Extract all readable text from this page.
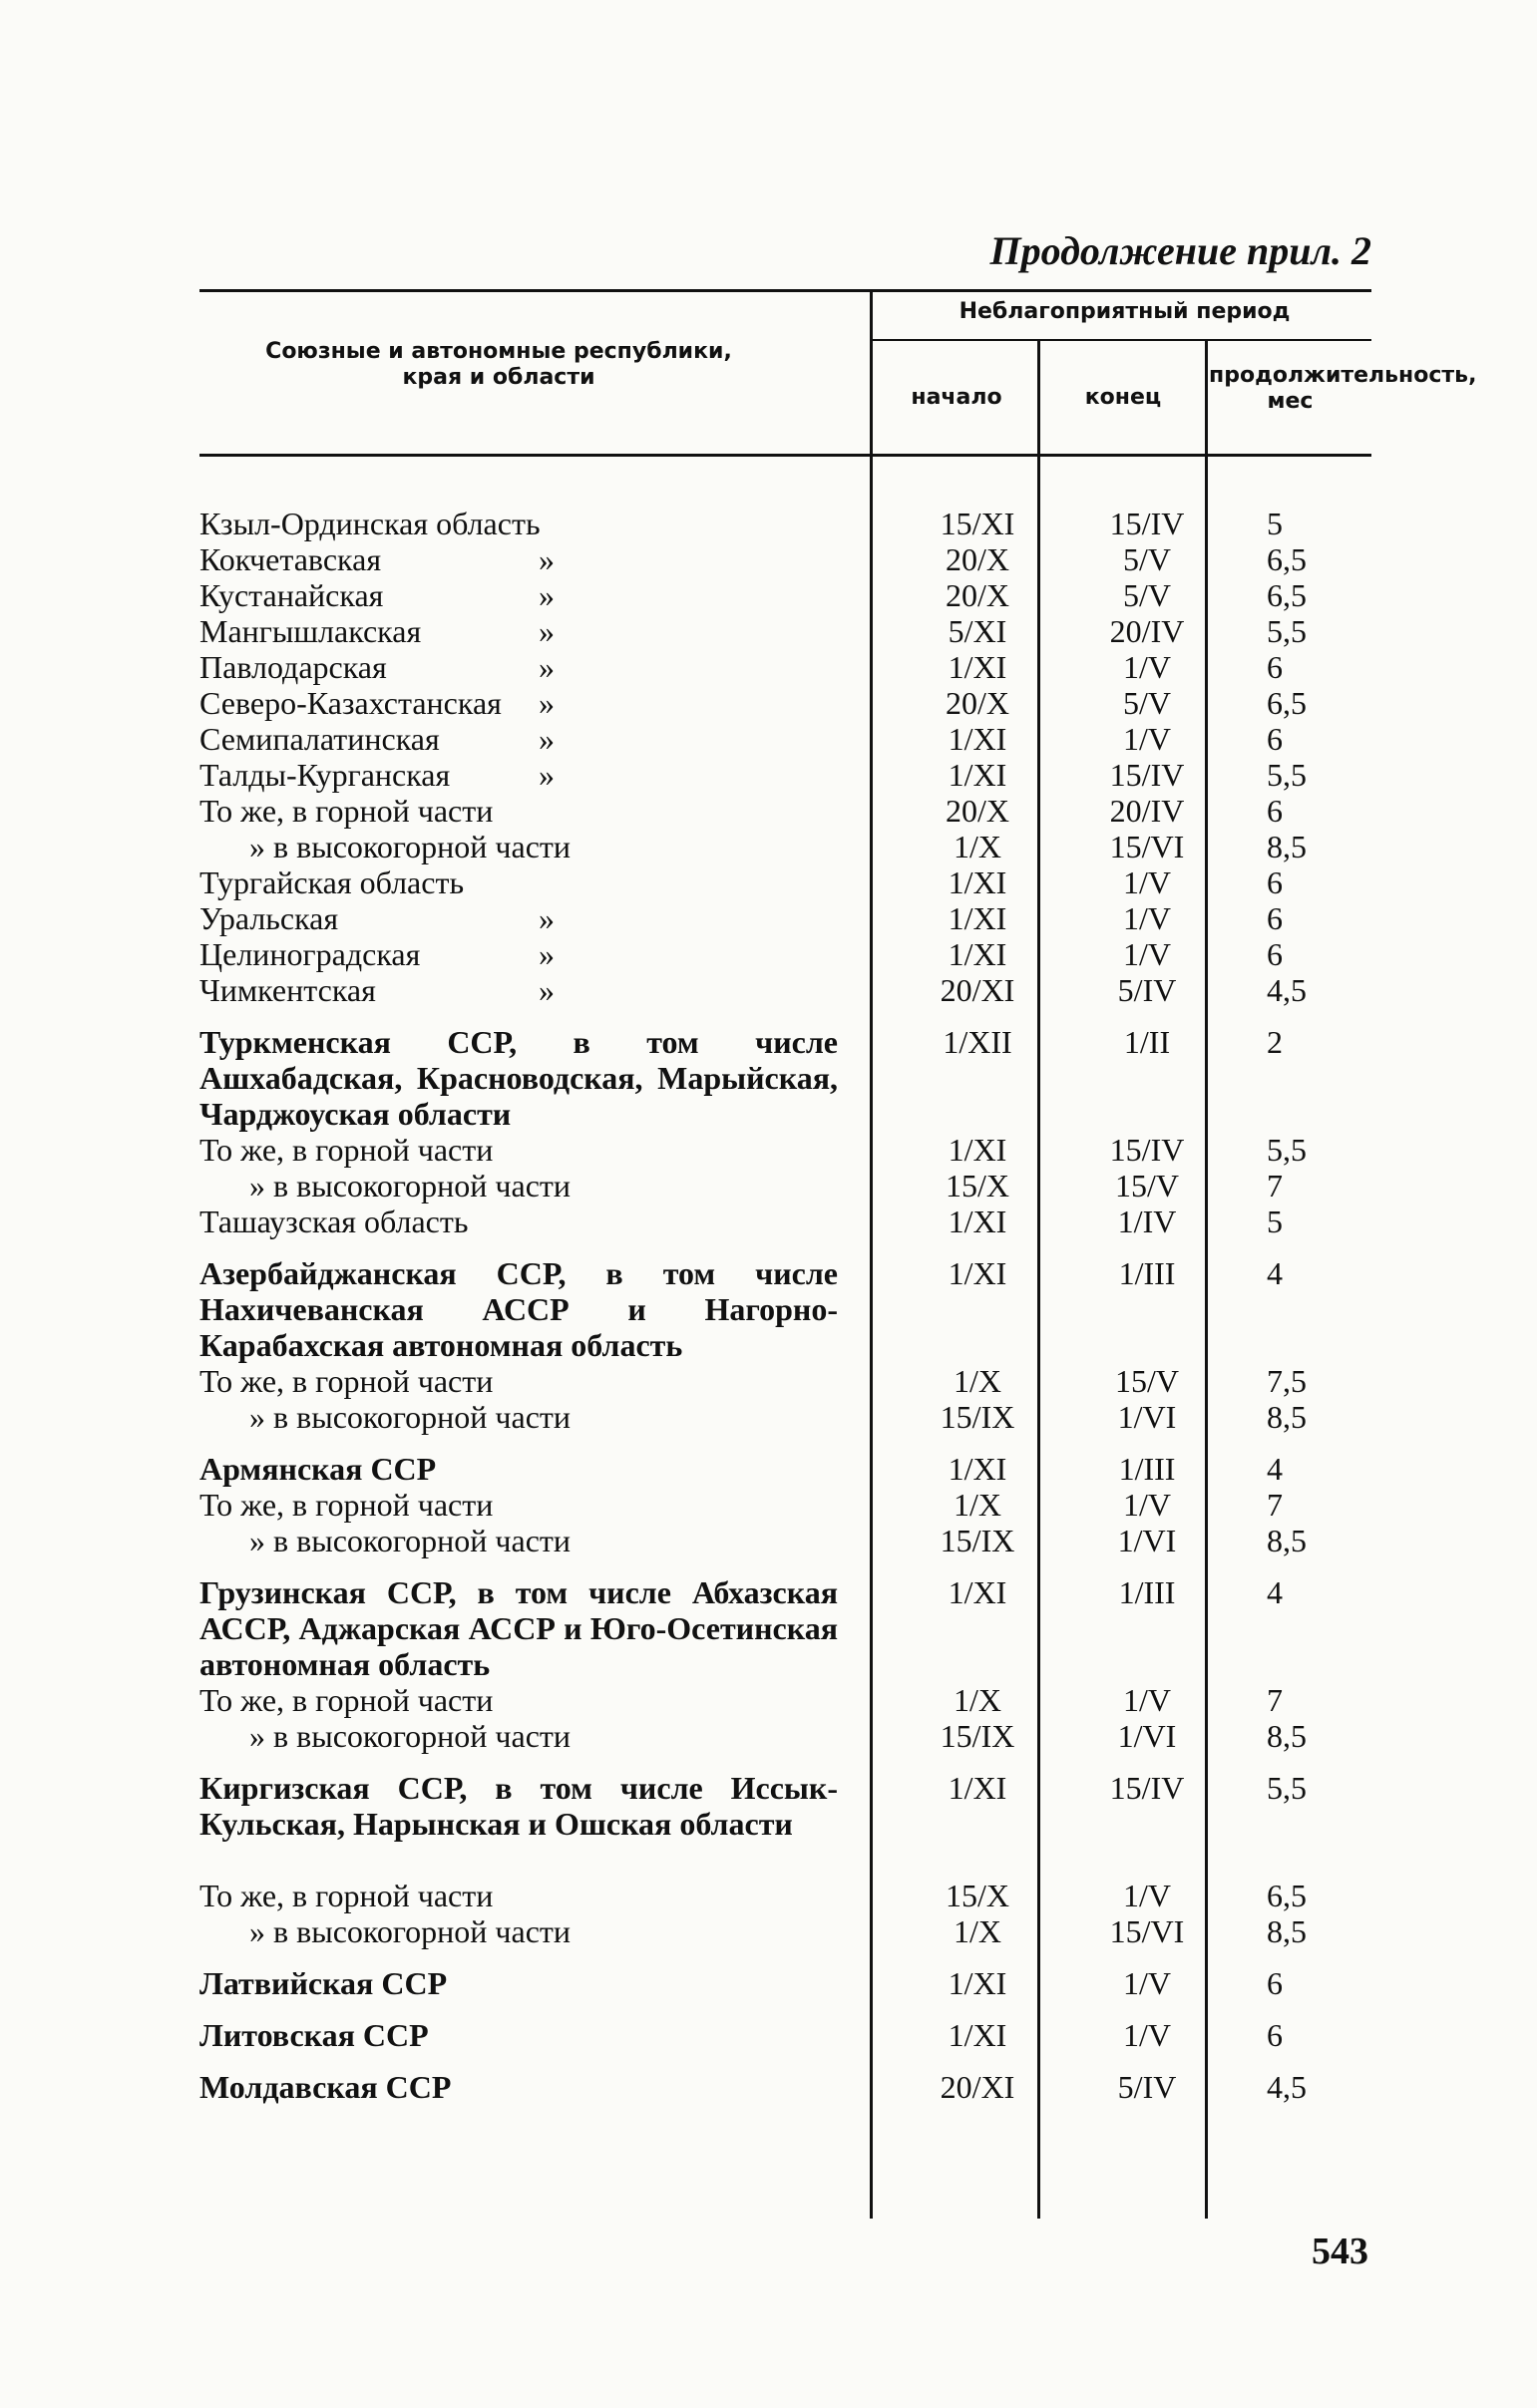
Продолжение прил. 2
Союзные и автономные республики, края и области
Неблагоприятный период
начало	конец
продолжительность, мес
Кзыл-Ординская область	15/XI	15/IV	5
Кокчетавская	»	20/X	5/V	6,5
Кустанайская	»	20/X	5/V	6,5
Мангышлакская	»	5/XI	20/IV	5,5
Павлодарская	»	1/XI	1/V	6
Северо-Казахстанская	»	20/X	5/V	6,5
Семипалатинская	»	1/XI	1/V	6
Талды-Курганская	»	1/XI	15/IV	5,5
То же, в горной части	20/X	20/IV	6
» в высокогорной части	1/X	15/VI	8,5
Тургайская область	1/XI	1/V	6
Уральская	»	1/XI	1/V	6
Целиноградская	»	1/XI	1/V	6
Чимкентская	»	20/XI	5/IV	4,5
Туркменская ССР, в том числе Ашхабадская, Красноводская, Марыйская, Чарджоуская области
1/XII	1/II	2
То же, в горной части	1/XI	15/IV	5,5
» в высокогорной части	15/X	15/V	7
Ташаузская область	1/XI	1/IV	5
Азербайджанская ССР, в том числе Нахичеванская АССР и Нагорно-Карабахская автономная область
1/XI	1/III	4
То же, в горной части	1/X	15/V	7,5
» в высокогорной части	15/IX	1/VI	8,5
Армянская ССР	1/XI	1/III	4
То же, в горной части	1/X	1/V	7
» в высокогорной части	15/IX	1/VI	8,5
Грузинская ССР, в том числе Абхазская АССР, Аджарская АССР и Юго-Осетинская автономная область
1/XI	1/III	4
То же, в горной части	1/X	1/V	7
» в высокогорной части	15/IX	1/VI	8,5
Киргизская ССР, в том числе Иссык-Кульская, Нарынская и Ошская области
1/XI	15/IV	5,5
То же, в горной части	15/X	1/V	6,5
» в высокогорной части	1/X	15/VI	8,5
Латвийская ССР	1/XI	1/V	6
Литовская ССР	1/XI	1/V	6
Молдавская ССР	20/XI	5/IV	4,5
543
